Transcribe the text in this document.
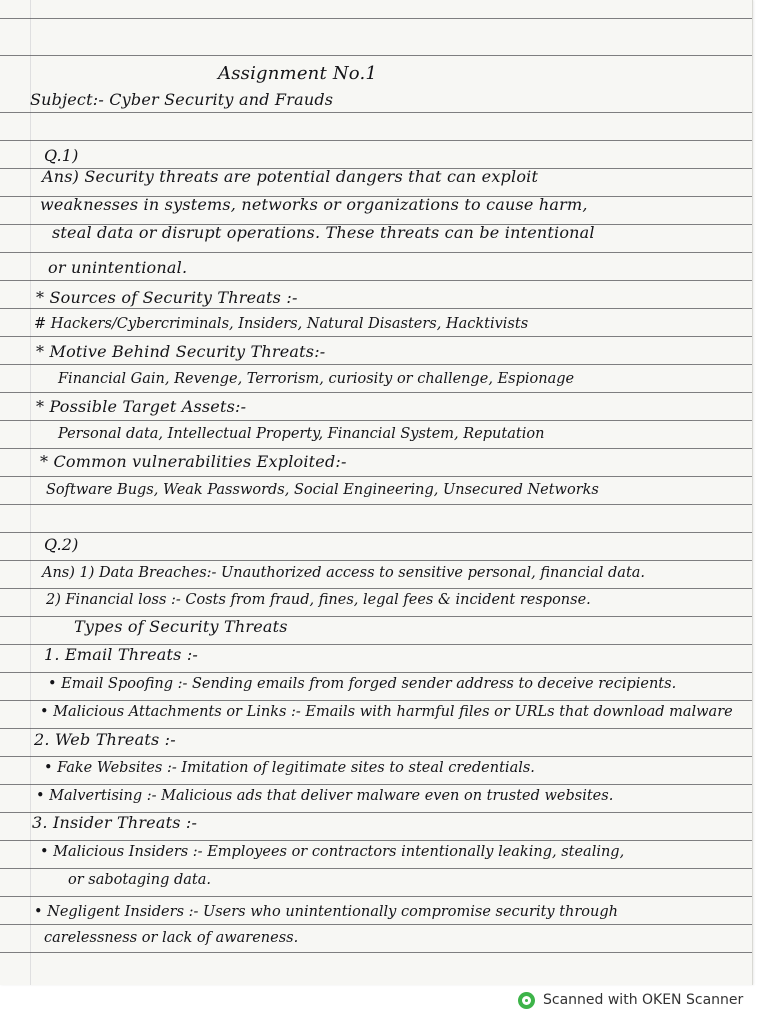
Assignment No.1
Subject:- Cyber Security and Frauds
Q.1)
Ans) Security threats are potential dangers that can exploit
weaknesses in systems, networks or organizations to cause harm,
steal data or disrupt operations. These threats can be intentional
or unintentional.
* Sources of Security Threats :-
# Hackers/Cybercriminals, Insiders, Natural Disasters, Hacktivists
* Motive Behind Security Threats:-
Financial Gain, Revenge, Terrorism, curiosity or challenge, Espionage
* Possible Target Assets:-
Personal data, Intellectual Property, Financial System, Reputation
* Common vulnerabilities Exploited:-
Software Bugs, Weak Passwords, Social Engineering, Unsecured Networks
Q.2)
Ans) 1) Data Breaches:- Unauthorized access to sensitive personal, financial data.
2) Financial loss :- Costs from fraud, fines, legal fees & incident response.
Types of Security Threats
1. Email Threats :-
• Email Spoofing :- Sending emails from forged sender address to deceive recipients.
• Malicious Attachments or Links :- Emails with harmful files or URLs that download malware
2. Web Threats :-
• Fake Websites :- Imitation of legitimate sites to steal credentials.
• Malvertising :- Malicious ads that deliver malware even on trusted websites.
3. Insider Threats :-
• Malicious Insiders :- Employees or contractors intentionally leaking, stealing,
or sabotaging data.
• Negligent Insiders :- Users who unintentionally compromise security through
carelessness or lack of awareness.
Scanned with OKEN Scanner
